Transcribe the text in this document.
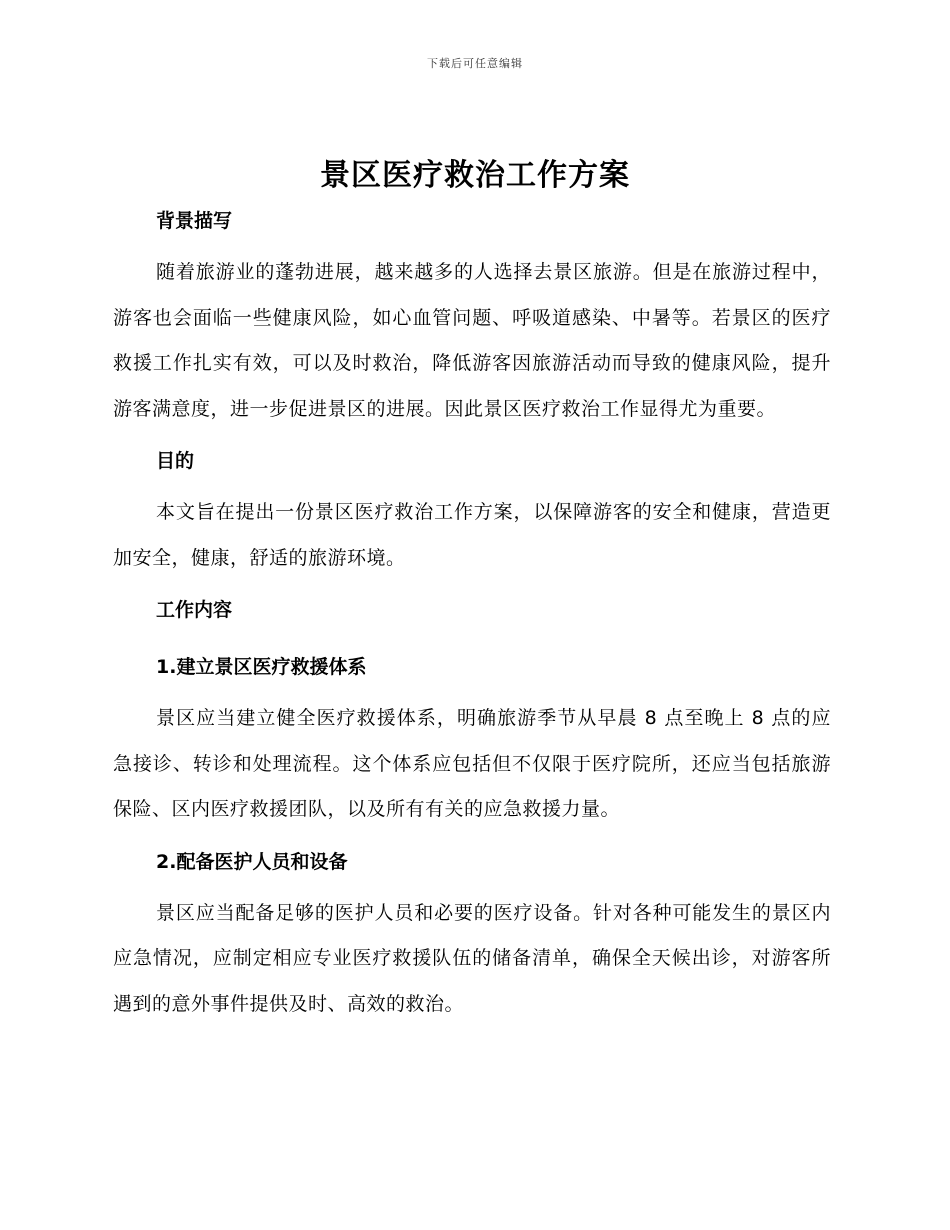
下载后可任意编辑
景区医疗救治工作方案
背景描写
随着旅游业的蓬勃进展，越来越多的人选择去景区旅游。但是在旅游过程中，游客也会面临一些健康风险，如心血管问题、呼吸道感染、中暑等。若景区的医疗救援工作扎实有效，可以及时救治，降低游客因旅游活动而导致的健康风险，提升游客满意度，进一步促进景区的进展。因此景区医疗救治工作显得尤为重要。
目的
本文旨在提出一份景区医疗救治工作方案，以保障游客的安全和健康，营造更加安全，健康，舒适的旅游环境。
工作内容
1.建立景区医疗救援体系
景区应当建立健全医疗救援体系，明确旅游季节从早晨 8 点至晚上 8 点的应急接诊、转诊和处理流程。这个体系应包括但不仅限于医疗院所，还应当包括旅游保险、区内医疗救援团队，以及所有有关的应急救援力量。
2.配备医护人员和设备
景区应当配备足够的医护人员和必要的医疗设备。针对各种可能发生的景区内应急情况，应制定相应专业医疗救援队伍的储备清单，确保全天候出诊，对游客所遇到的意外事件提供及时、高效的救治。
